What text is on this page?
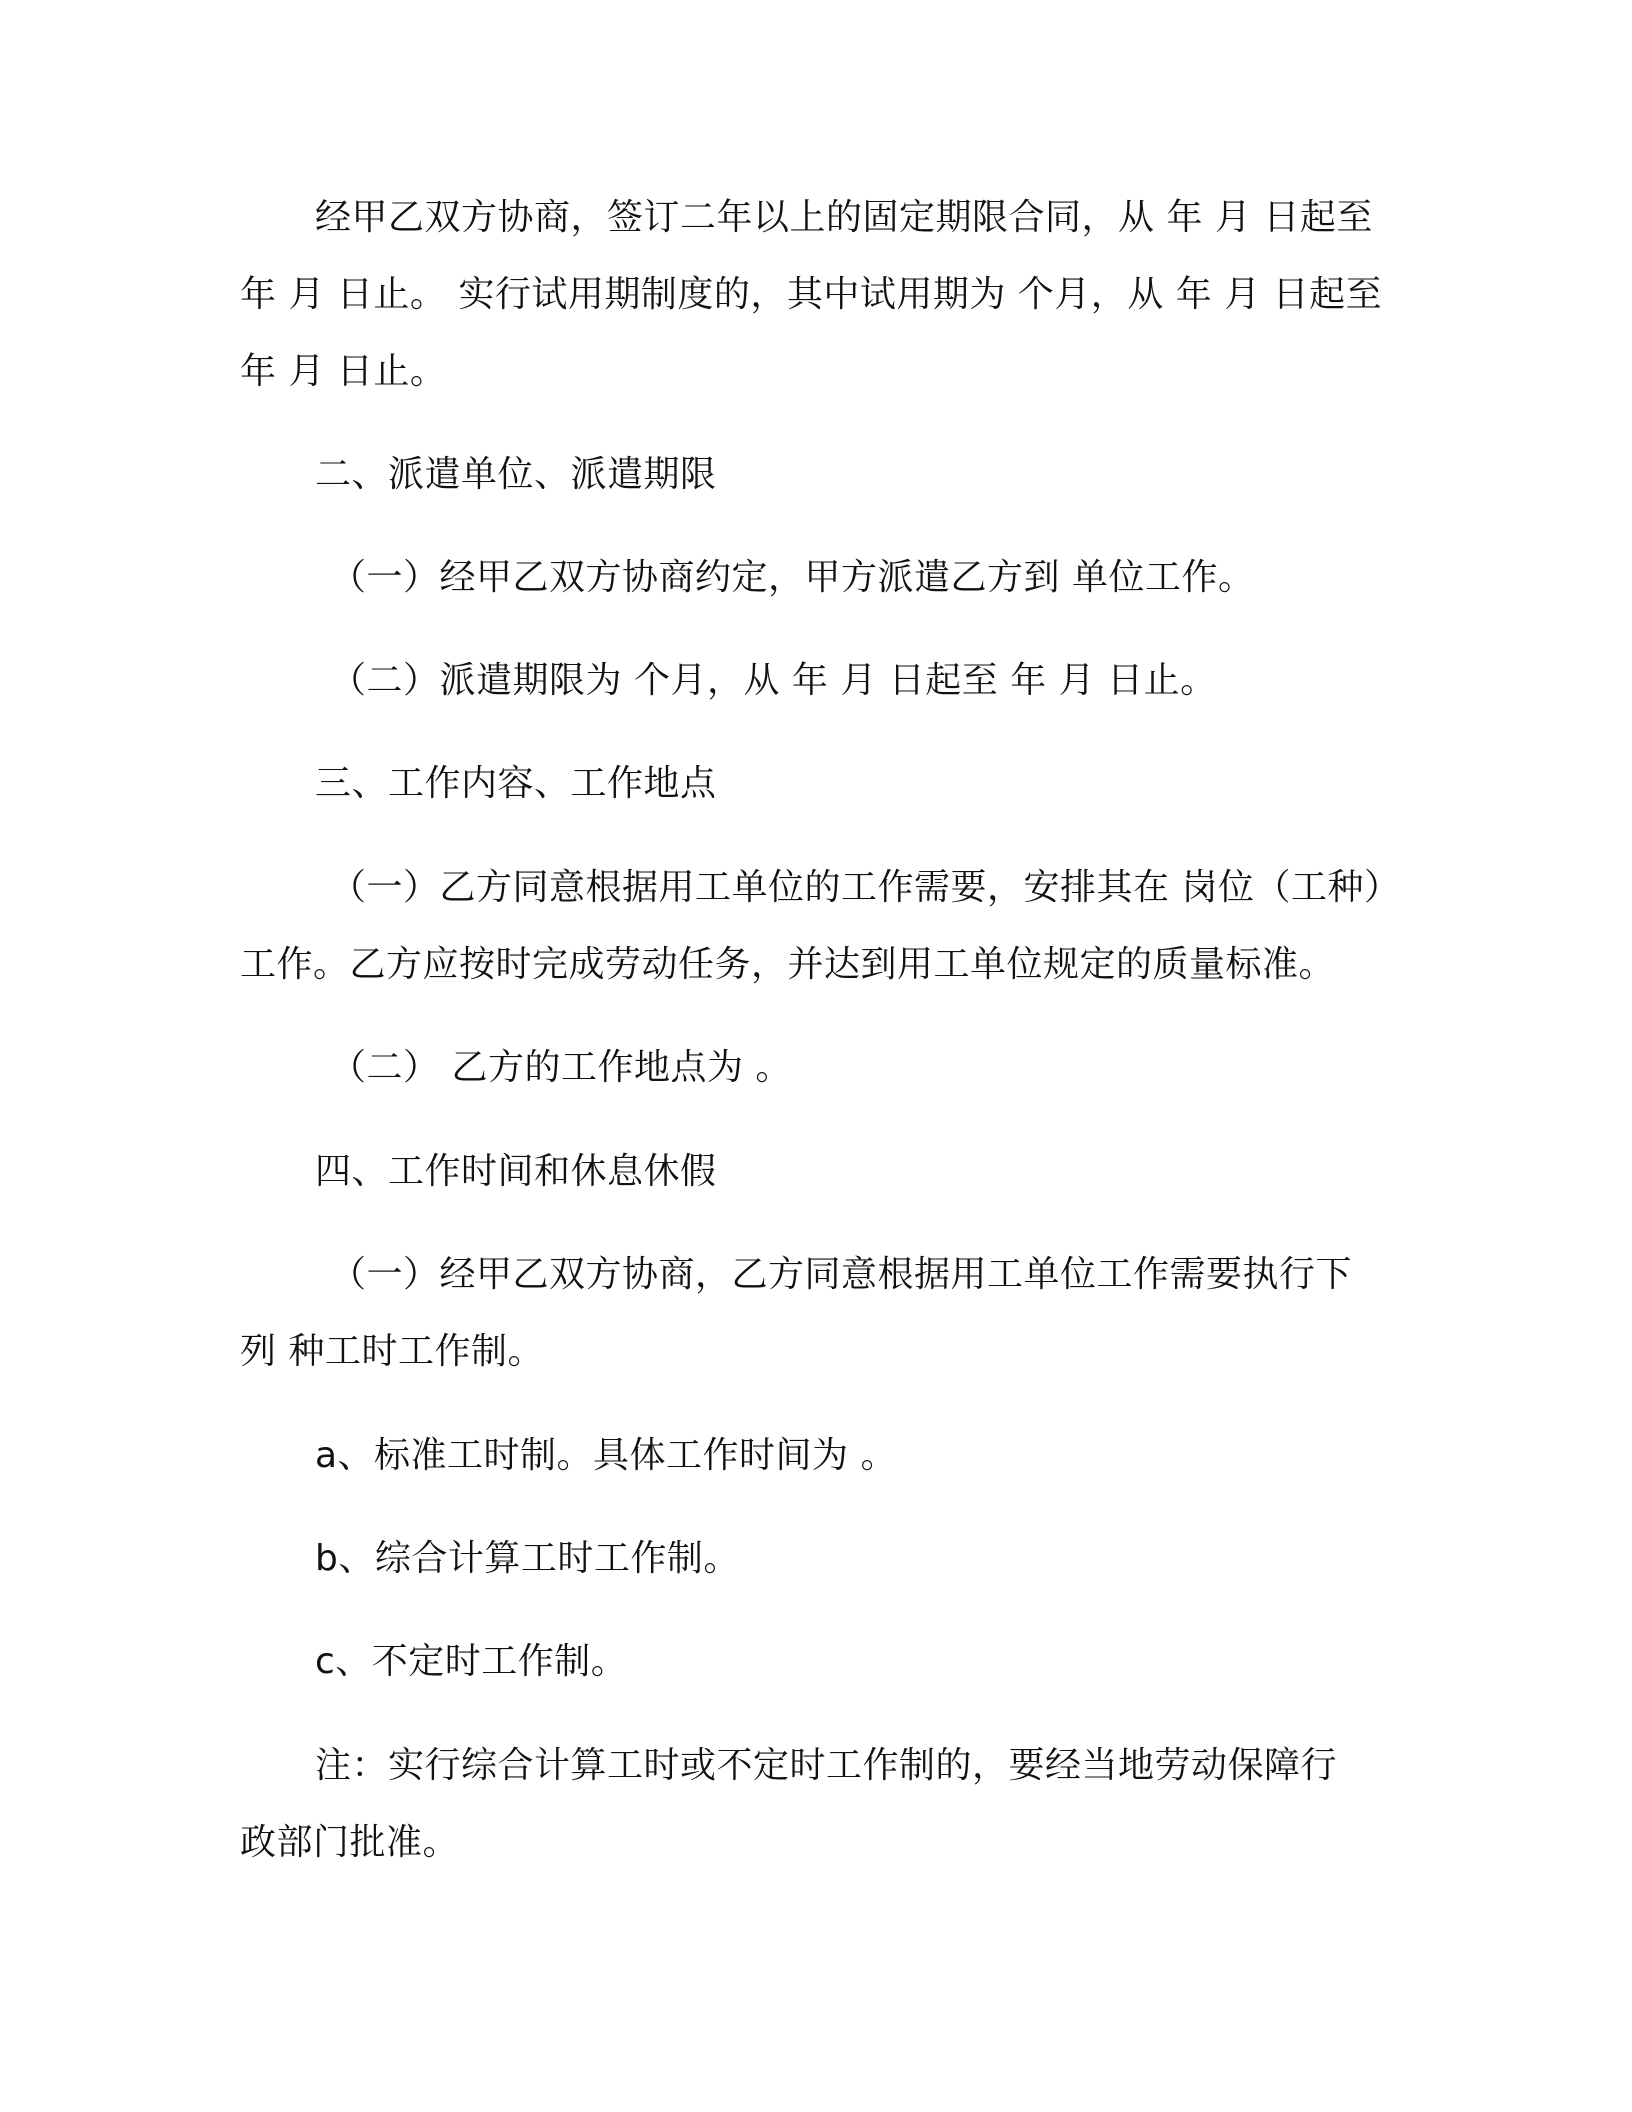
经甲乙双方协商，签订二年以上的固定期限合同，从 年 月 日起至
年 月 日止。 实行试用期制度的，其中试用期为 个月，从 年 月 日起至
年 月 日止。
二、派遣单位、派遣期限
（一）经甲乙双方协商约定，甲方派遣乙方到 单位工作。
（二）派遣期限为 个月，从 年 月 日起至 年 月 日止。
三、工作内容、工作地点
（一）乙方同意根据用工单位的工作需要，安排其在 岗位（工种）
工作。乙方应按时完成劳动任务，并达到用工单位规定的质量标准。
（二） 乙方的工作地点为 。
四、工作时间和休息休假
（一）经甲乙双方协商，乙方同意根据用工单位工作需要执行下
列 种工时工作制。
a、标准工时制。具体工作时间为 。
b、综合计算工时工作制。
c、不定时工作制。
注：实行综合计算工时或不定时工作制的，要经当地劳动保障行
政部门批准。
